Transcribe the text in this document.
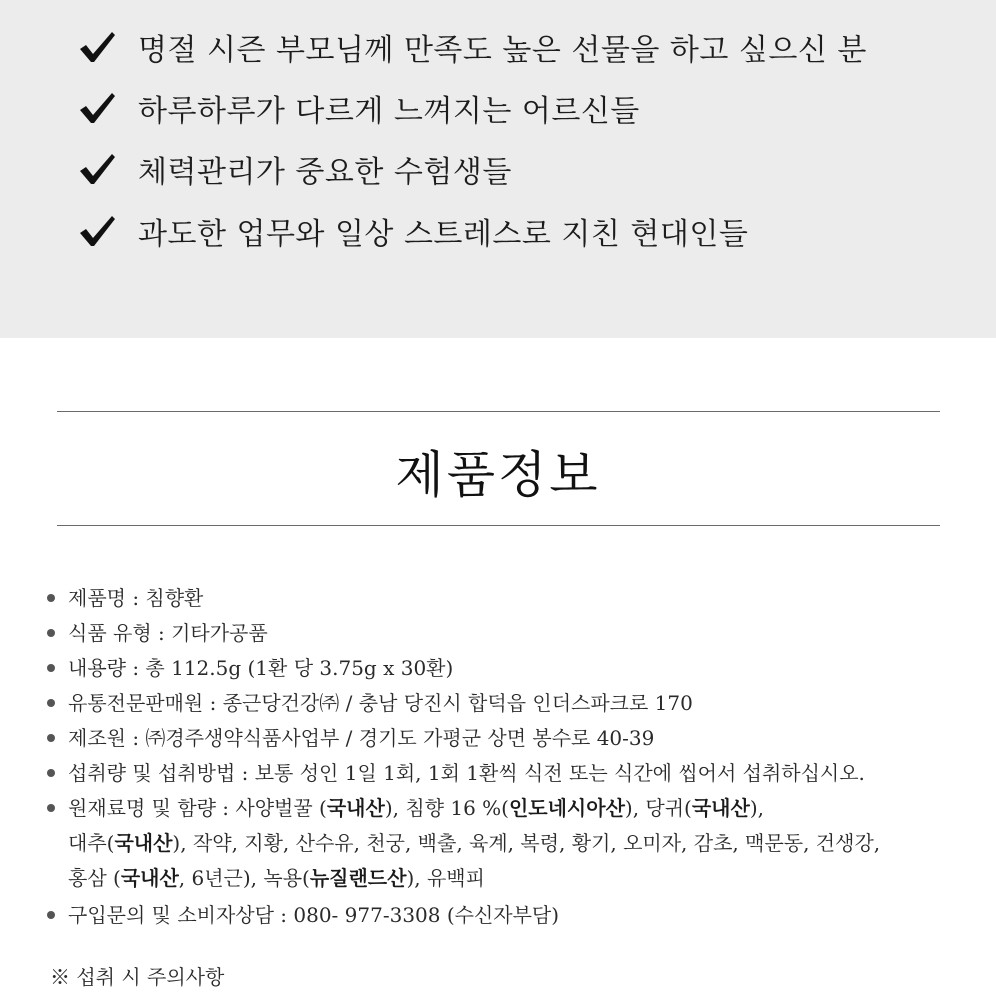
명절 시즌 부모님께 만족도 높은 선물을 하고 싶으신 분
하루하루가 다르게 느껴지는 어르신들
체력관리가 중요한 수험생들
과도한 업무와 일상 스트레스로 지친 현대인들
제품정보
제품명 : 침향환
식품 유형 : 기타가공품
내용량 : 총 112.5g (1환 당 3.75g x 30환)
유통전문판매원 : 종근당건강㈜ / 충남 당진시 합덕읍 인더스파크로 170
제조원 : ㈜경주생약식품사업부 / 경기도 가평군 상면 봉수로 40-39
섭취량 및 섭취방법 : 보통 성인 1일 1회, 1회 1환씩 식전 또는 식간에 씹어서 섭취하십시오.
원재료명 및 함량 : 사양벌꿀 (국내산), 침향 16 %(인도네시아산), 당귀(국내산),
대추(국내산), 작약, 지황, 산수유, 천궁, 백출, 육계, 복령, 황기, 오미자, 감초, 맥문동, 건생강,
홍삼 (국내산, 6년근), 녹용(뉴질랜드산), 유백피
구입문의 및 소비자상담 : 080- 977-3308 (수신자부담)
※ 섭취 시 주의사항
